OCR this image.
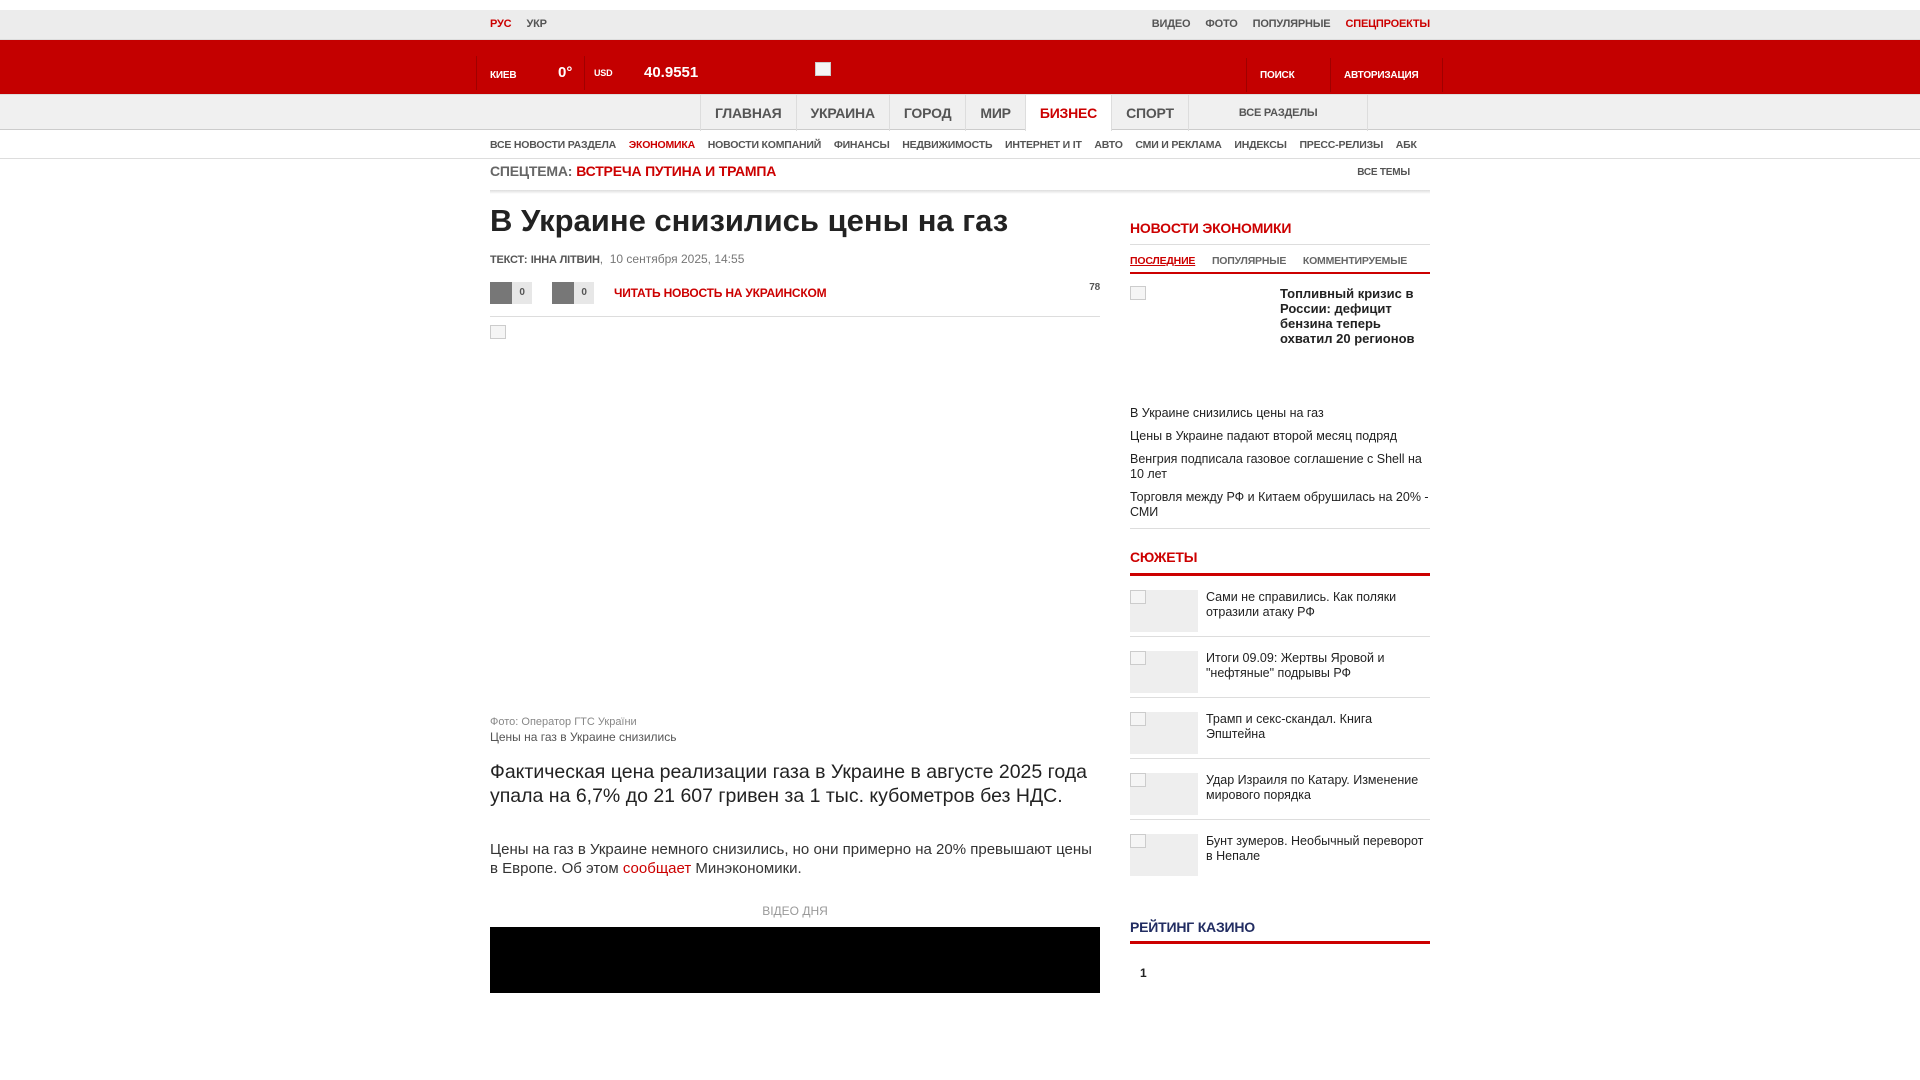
РУС УКР	ВИДЕО ФОТО ПОПУЛЯРНЫЕ СПЕЦПРОЕКТЫ
КИЕВ	0° USD 40.9551	ПОИСК	АВТОРИЗАЦИЯ
ГЛАВНАЯ	УКРАИНА	ГОРОД	МИР	БИЗНЕС	СПОРТ	ВСЕ РАЗДЕЛЫ
ВСЕ НОВОСТИ РАЗДЕЛА ЭКОНОМИКА НОВОСТИ КОМПАНИЙ ФИНАНСЫ НЕДВИЖИМОСТЬ ИНТЕРНЕТ И IT АВТО СМИ И РЕКЛАМА ИНДЕКСЫ ПРЕСС-РЕЛИЗЫ АБК
СПЕЦТЕМА: ВСТРЕЧА ПУТИНА И ТРАМПА	ВСЕ ТЕМЫ
В Украине снизились цены на газ
ТЕКСТ: ІННА ЛІТВИН,  10 сентября 2025, 14:55
0	0	ЧИТАТЬ НОВОСТЬ НА УКРАИНСКОМ	78
Фото: Оператор ГТС України
Цены на газ в Украине снизились

Фактическая цена реализации газа в Украине в августе 2025 года упала на 6,7% до 21 607 гривен за 1 тыс. кубометров без НДС.

Цены на газ в Украине немного снизились, но они примерно на 20% превышают цены в Европе. Об этом сообщает Минэкономики.

ВІДЕО ДНЯ
НОВОСТИ ЭКОНОМИКИ
ПОСЛЕДНИЕ ПОПУЛЯРНЫЕ КОММЕНТИРУЕМЫЕ
Топливный кризис в России: дефицит бензина теперь охватил 20 регионов
В Украине снизились цены на газ
Цены в Украине падают второй месяц подряд
Венгрия подписала газовое соглашение с Shell на 10 лет
Торговля между РФ и Китаем обрушилась на 20% - СМИ
СЮЖЕТЫ
Сами не справились. Как поляки отразили атаку РФ
Итоги 09.09: Жертвы Яровой и "нефтяные" подрывы РФ
Трамп и секс-скандал. Книга Эпштейна
Удар Израиля по Катару. Изменение мирового порядка
Бунт зумеров. Необычный переворот в Непале
РЕЙТИНГ КАЗИНО
1
